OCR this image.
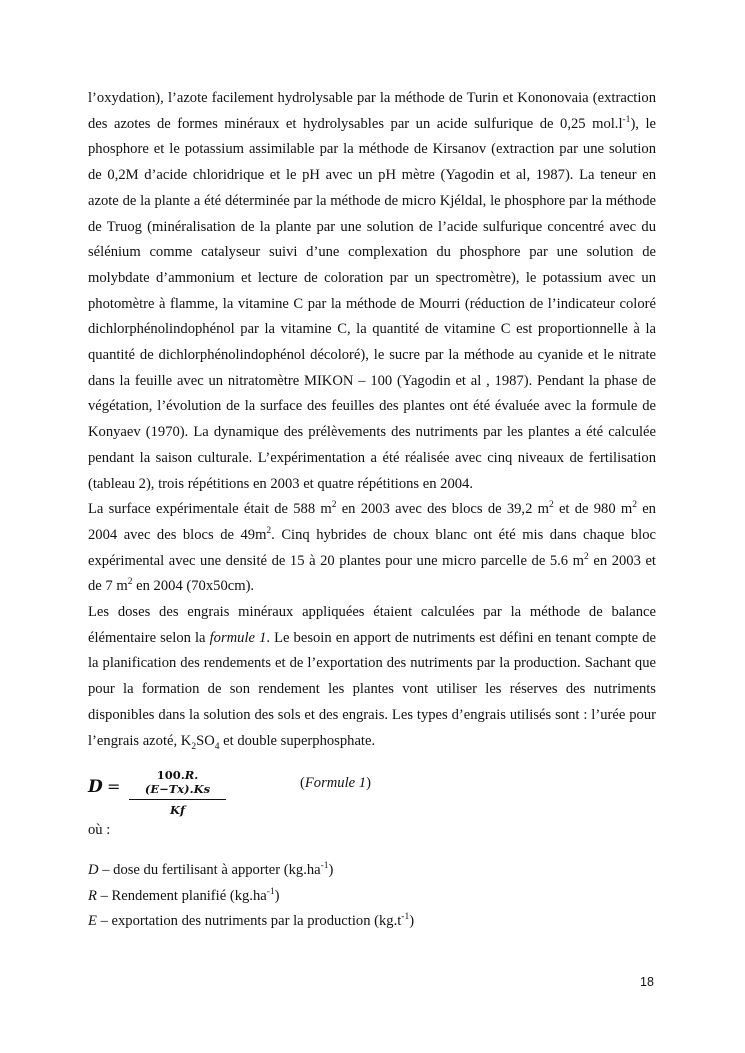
l’oxydation), l’azote facilement hydrolysable par la méthode de Turin et Kononovaia (extraction des azotes de formes minéraux et hydrolysables par un acide sulfurique de 0,25 $mol.l^{-1}$), le phosphore et le potassium assimilable par la méthode de Kirsanov (extraction par une solution de 0,2M d’acide chloridrique et le pH avec un pH mètre (Yagodin et al, 1987). La teneur en azote de la plante a été déterminée par la méthode de micro Kjéldal, le phosphore par la méthode de Truog (minéralisation de la plante par une solution de l’acide sulfurique concentré avec du sélénium comme catalyseur suivi d’une complexation du phosphore par une solution de molybdate d’ammonium et lecture de coloration par un spectromètre), le potassium avec un photomètre à flamme, la vitamine C par la méthode de Mourri (réduction de l’indicateur coloré dichlorphénolindophénol par la vitamine C, la quantité de vitamine C est proportionnelle à la quantité de dichlorphénolindophénol décoloré), le sucre par la méthode au cyanide et le nitrate dans la feuille avec un nitratomètre MIKON – 100 (Yagodin et al , 1987). Pendant la phase de végétation, l’évolution de la surface des feuilles des plantes ont été évaluée avec la formule de Konyaev (1970). La dynamique des prélèvements des nutriments par les plantes a été calculée pendant la saison culturale. L’expérimentation a été réalisée avec cinq niveaux de fertilisation (tableau 2), trois répétitions en 2003 et quatre répétitions en 2004.

La surface expérimentale était de 588 $m^2$ en 2003 avec des blocs de 39,2 $m^2$ et de 980 $m^2$ en 2004 avec des blocs de $49m^2$. Cinq hybrides de choux blanc ont été mis dans chaque bloc expérimental avec une densité de 15 à 20 plantes pour une micro parcelle de 5.6 $m^2$ en 2003 et de 7 $m^2$ en 2004 (70x50cm).

Les doses des engrais minéraux appliquées étaient calculées par la méthode de balance élémentaire selon la formule 1. Le besoin en apport de nutriments est défini en tenant compte de la planification des rendements et de l’exportation des nutriments par la production. Sachant que pour la formation de son rendement les plantes vont utiliser les réserves des nutriments disponibles dans la solution des sols et des engrais. Les types d’engrais utilisés sont : l’urée pour l’engrais azoté, $K_2SO_4$ et double superphosphate.

$D = \frac{100.R.(E-Tx).Ks}{Kf}$	(Formule 1)
où :
D – dose du fertilisant à apporter $(kg.ha^{-1})$
R – Rendement planifié $(kg.ha^{-1})$
E – exportation des nutriments par la production $(kg.t^{-1})$
18
